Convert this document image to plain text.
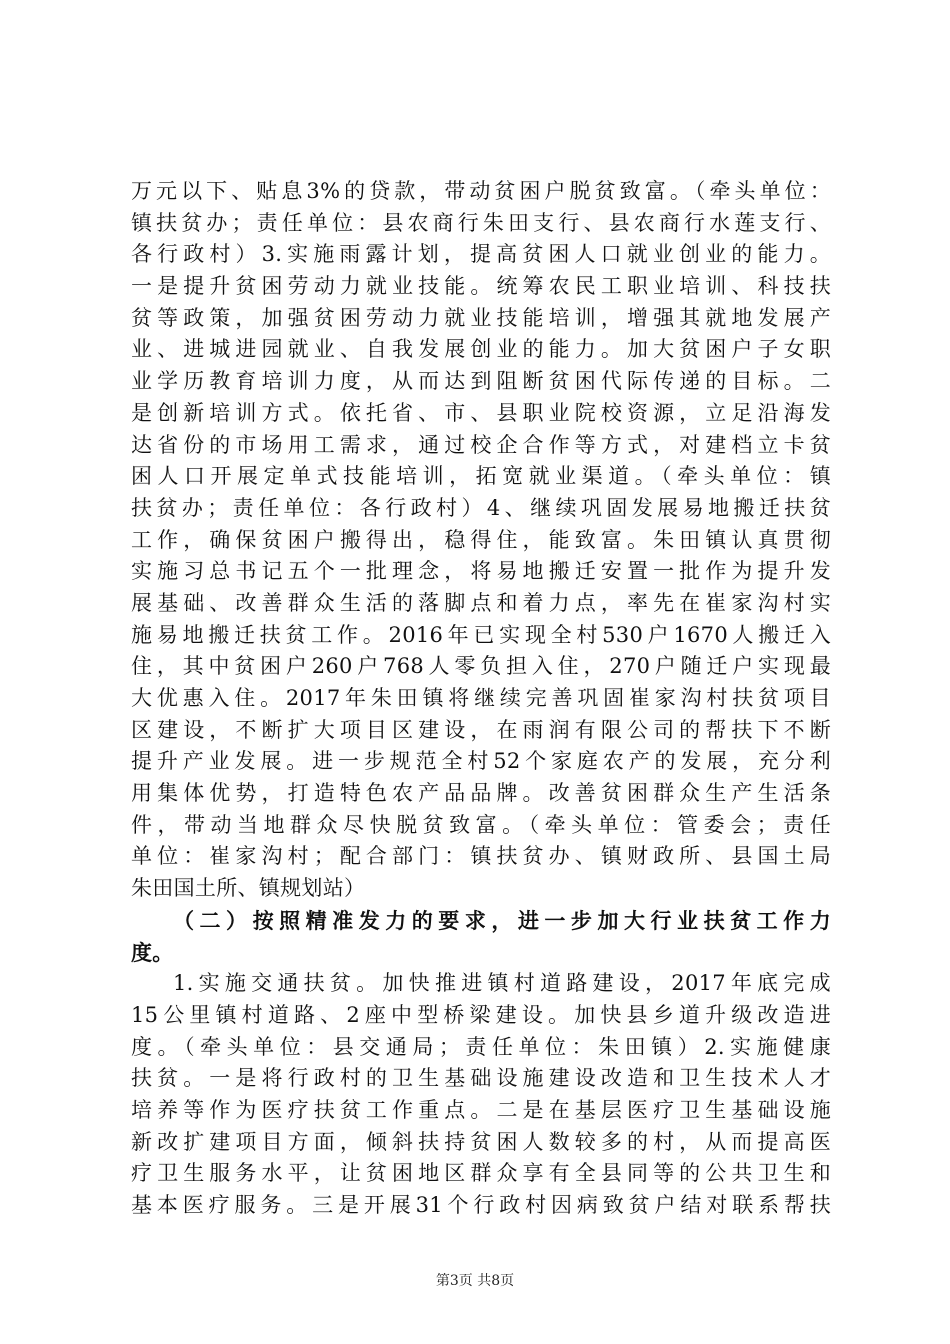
万元以下、贴息3%的贷款，带动贫困户脱贫致富。（牵头单位：
镇扶贫办；责任单位：县农商行朱田支行、县农商行水莲支行、
各行政村）3.实施雨露计划，提高贫困人口就业创业的能力。
一是提升贫困劳动力就业技能。统筹农民工职业培训、科技扶
贫等政策，加强贫困劳动力就业技能培训，增强其就地发展产
业、进城进园就业、自我发展创业的能力。加大贫困户子女职
业学历教育培训力度，从而达到阻断贫困代际传递的目标。二
是创新培训方式。依托省、市、县职业院校资源，立足沿海发
达省份的市场用工需求，通过校企合作等方式，对建档立卡贫
困人口开展定单式技能培训，拓宽就业渠道。（牵头单位：镇
扶贫办；责任单位：各行政村）4、继续巩固发展易地搬迁扶贫
工作，确保贫困户搬得出，稳得住，能致富。朱田镇认真贯彻
实施习总书记五个一批理念，将易地搬迁安置一批作为提升发
展基础、改善群众生活的落脚点和着力点，率先在崔家沟村实
施易地搬迁扶贫工作。2016年已实现全村530户1670人搬迁入
住，其中贫困户260户768人零负担入住，270户随迁户实现最
大优惠入住。2017年朱田镇将继续完善巩固崔家沟村扶贫项目
区建设，不断扩大项目区建设，在雨润有限公司的帮扶下不断
提升产业发展。进一步规范全村52个家庭农产的发展，充分利
用集体优势，打造特色农产品品牌。改善贫困群众生产生活条
件，带动当地群众尽快脱贫致富。（牵头单位：管委会；责任
单位：崔家沟村；配合部门：镇扶贫办、镇财政所、县国土局
朱田国土所、镇规划站）
（二）按照精准发力的要求，进一步加大行业扶贫工作力
度。
1.实施交通扶贫。加快推进镇村道路建设，2017年底完成
15公里镇村道路、2座中型桥梁建设。加快县乡道升级改造进
度。（牵头单位：县交通局；责任单位：朱田镇）2.实施健康
扶贫。一是将行政村的卫生基础设施建设改造和卫生技术人才
培养等作为医疗扶贫工作重点。二是在基层医疗卫生基础设施
新改扩建项目方面，倾斜扶持贫困人数较多的村，从而提高医
疗卫生服务水平，让贫困地区群众享有全县同等的公共卫生和
基本医疗服务。三是开展31个行政村因病致贫户结对联系帮扶
第3页 共8页
